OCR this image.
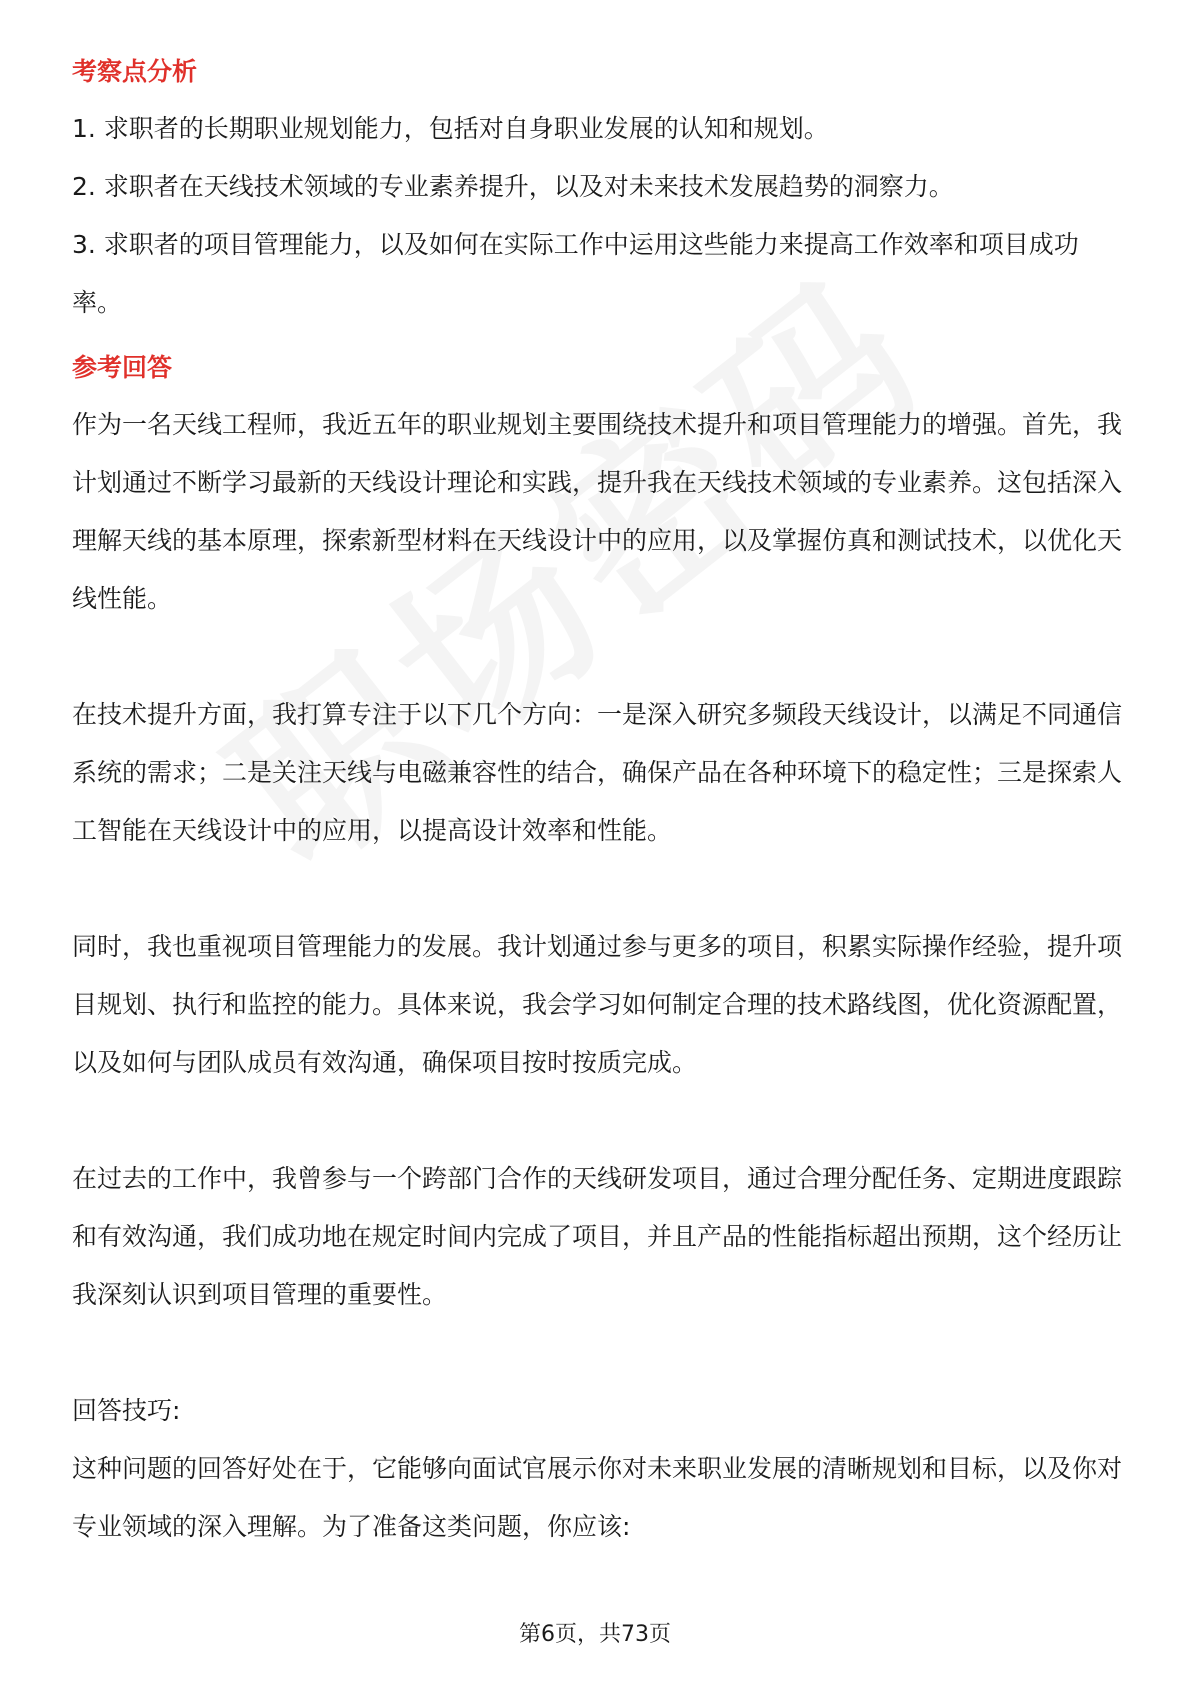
考察点分析

1. 求职者的长期职业规划能力，包括对自身职业发展的认知和规划。

2. 求职者在天线技术领域的专业素养提升，以及对未来技术发展趋势的洞察力。

3. 求职者的项目管理能力，以及如何在实际工作中运用这些能力来提高工作效率和项目成功率。

参考回答

作为一名天线工程师，我近五年的职业规划主要围绕技术提升和项目管理能力的增强。首先，我计划通过不断学习最新的天线设计理论和实践，提升我在天线技术领域的专业素养。这包括深入理解天线的基本原理，探索新型材料在天线设计中的应用，以及掌握仿真和测试技术，以优化天线性能。

在技术提升方面，我打算专注于以下几个方向：一是深入研究多频段天线设计，以满足不同通信系统的需求；二是关注天线与电磁兼容性的结合，确保产品在各种环境下的稳定性；三是探索人工智能在天线设计中的应用，以提高设计效率和性能。

同时，我也重视项目管理能力的发展。我计划通过参与更多的项目，积累实际操作经验，提升项目规划、执行和监控的能力。具体来说，我会学习如何制定合理的技术路线图，优化资源配置，以及如何与团队成员有效沟通，确保项目按时按质完成。

在过去的工作中，我曾参与一个跨部门合作的天线研发项目，通过合理分配任务、定期进度跟踪和有效沟通，我们成功地在规定时间内完成了项目，并且产品的性能指标超出预期，这个经历让我深刻认识到项目管理的重要性。

回答技巧:

这种问题的回答好处在于，它能够向面试官展示你对未来职业发展的清晰规划和目标，以及你对专业领域的深入理解。为了准备这类问题，你应该:

第6页，共73页
